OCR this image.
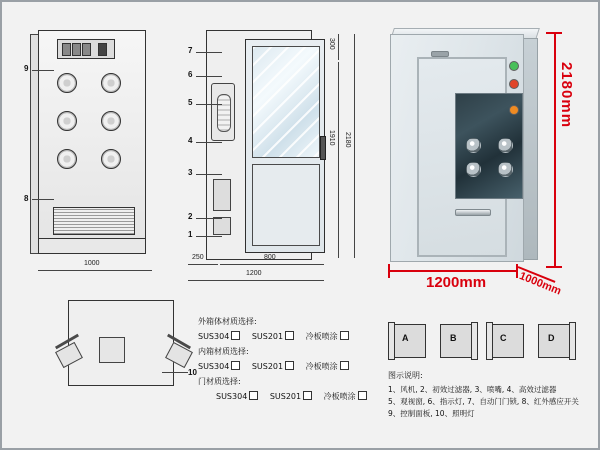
9
8
1000
7
6
5
4
3
2
1
300
1910 2180
250	800
1200
10
2180mm
1200mm	1000mm
外箱体材质选择:
SUS304	SUS201	冷板喷涂
内箱材质选择:
SUS304	SUS201	冷板喷涂
门材质选择:
SUS304	SUS201	冷板喷涂
A	B	C	D
图示说明:
1、风机, 2、初效过滤器, 3、喷嘴, 4、高效过滤器
5、观视窗, 6、指示灯, 7、自动门门锁, 8、红外感应开关
9、控制面板, 10、照明灯
